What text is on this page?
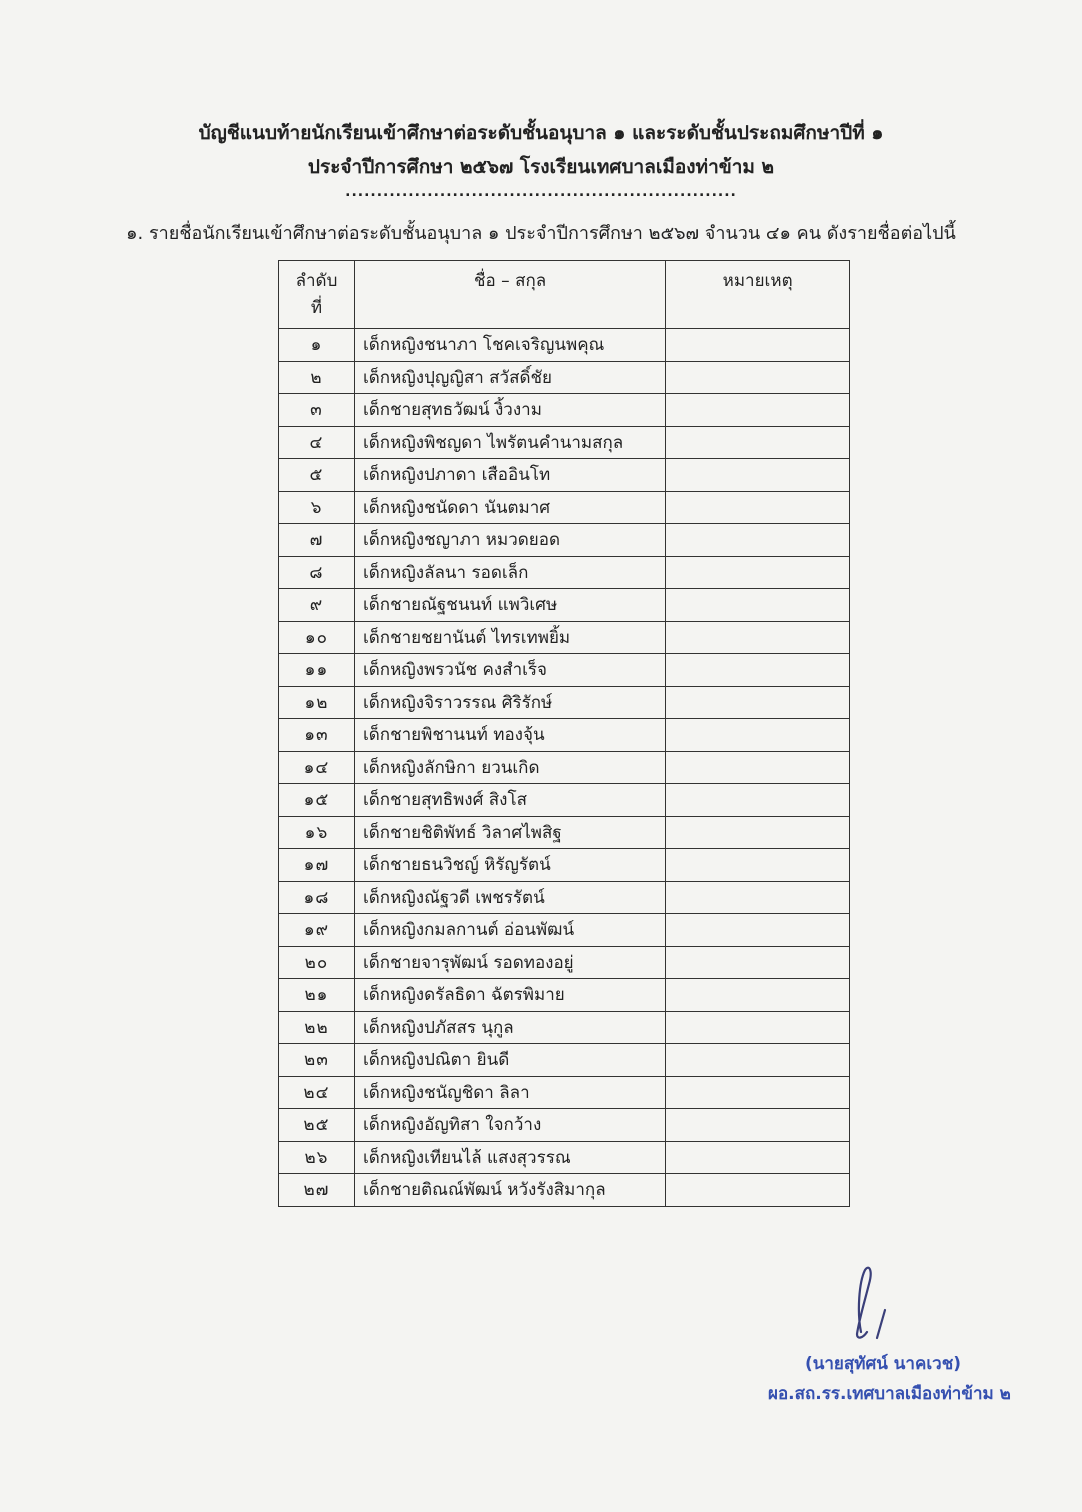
บัญชีแนบท้ายนักเรียนเข้าศึกษาต่อระดับชั้นอนุบาล ๑ และระดับชั้นประถมศึกษาปีที่ ๑
ประจำปีการศึกษา ๒๕๖๗ โรงเรียนเทศบาลเมืองท่าข้าม ๒
..............................................................
๑. รายชื่อนักเรียนเข้าศึกษาต่อระดับชั้นอนุบาล ๑ ประจำปีการศึกษา ๒๕๖๗ จำนวน ๔๑ คน ดังรายชื่อต่อไปนี้
ลำดับ
ที่	ชื่อ – สกุล	หมายเหตุ
๑	เด็กหญิงชนาภา โชคเจริญนพคุณ	
๒	เด็กหญิงปุญญิสา สวัสดิ์ชัย	
๓	เด็กชายสุทธวัฒน์ งิ้วงาม	
๔	เด็กหญิงพิชญดา ไพรัตนคำนามสกุล	
๕	เด็กหญิงปภาดา เสืออินโท	
๖	เด็กหญิงชนัดดา นันตมาศ	
๗	เด็กหญิงชญาภา หมวดยอด	
๘	เด็กหญิงลัลนา รอดเล็ก	
๙	เด็กชายณัฐชนนท์ แพวิเศษ	
๑๐	เด็กชายชยานันต์ ไทรเทพยิ้ม	
๑๑	เด็กหญิงพรวนัช คงสำเร็จ	
๑๒	เด็กหญิงจิราวรรณ ศิริรักษ์	
๑๓	เด็กชายพิชานนท์ ทองจุ้น	
๑๔	เด็กหญิงลักษิกา ยวนเกิด	
๑๕	เด็กชายสุทธิพงศ์ สิงโส	
๑๖	เด็กชายชิติพัทธ์ วิลาศไพสิฐ	
๑๗	เด็กชายธนวิชญ์ หิรัญรัตน์	
๑๘	เด็กหญิงณัฐวดี เพชรรัตน์	
๑๙	เด็กหญิงกมลกานต์ อ่อนพัฒน์	
๒๐	เด็กชายจารุพัฒน์ รอดทองอยู่	
๒๑	เด็กหญิงดรัลธิดา ฉัตรพิมาย	
๒๒	เด็กหญิงปภัสสร นุกูล	
๒๓	เด็กหญิงปณิตา ยินดี	
๒๔	เด็กหญิงชนัญชิดา ลิลา	
๒๕	เด็กหญิงอัญทิสา ใจกว้าง	
๒๖	เด็กหญิงเทียนไล้ แสงสุวรรณ	
๒๗	เด็กชายติณณ์พัฒน์ หวังรังสิมากุล	
(นายสุทัศน์ นาคเวช)
ผอ.สถ.รร.เทศบาลเมืองท่าข้าม ๒
